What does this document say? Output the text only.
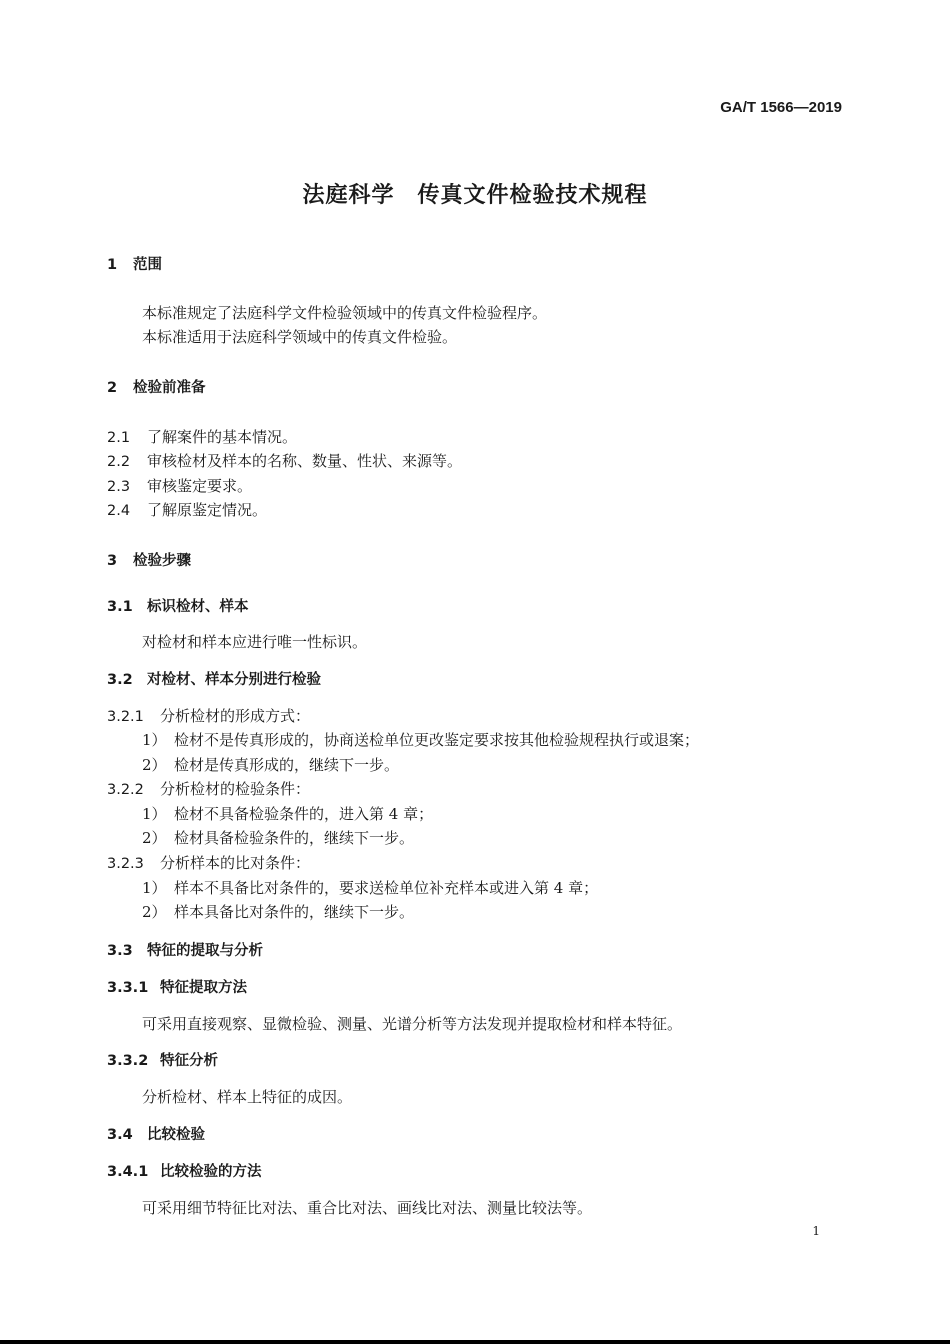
GA/T 1566—2019
法庭科学　传真文件检验技术规程
1 范围
本标准规定了法庭科学文件检验领域中的传真文件检验程序。
本标准适用于法庭科学领域中的传真文件检验。
2 检验前准备
2.1 了解案件的基本情况。
2.2 审核检材及样本的名称、数量、性状、来源等。
2.3 审核鉴定要求。
2.4 了解原鉴定情况。
3 检验步骤
3.1 标识检材、样本
对检材和样本应进行唯一性标识。
3.2 对检材、样本分别进行检验
3.2.1 分析检材的形成方式：
1） 检材不是传真形成的，协商送检单位更改鉴定要求按其他检验规程执行或退案；
2） 检材是传真形成的，继续下一步。
3.2.2 分析检材的检验条件：
1） 检材不具备检验条件的，进入第 4 章；
2） 检材具备检验条件的，继续下一步。
3.2.3 分析样本的比对条件：
1） 样本不具备比对条件的，要求送检单位补充样本或进入第 4 章；
2） 样本具备比对条件的，继续下一步。
3.3 特征的提取与分析
3.3.1 特征提取方法
可采用直接观察、显微检验、测量、光谱分析等方法发现并提取检材和样本特征。
3.3.2 特征分析
分析检材、样本上特征的成因。
3.4 比较检验
3.4.1 比较检验的方法
可采用细节特征比对法、重合比对法、画线比对法、测量比较法等。
1
